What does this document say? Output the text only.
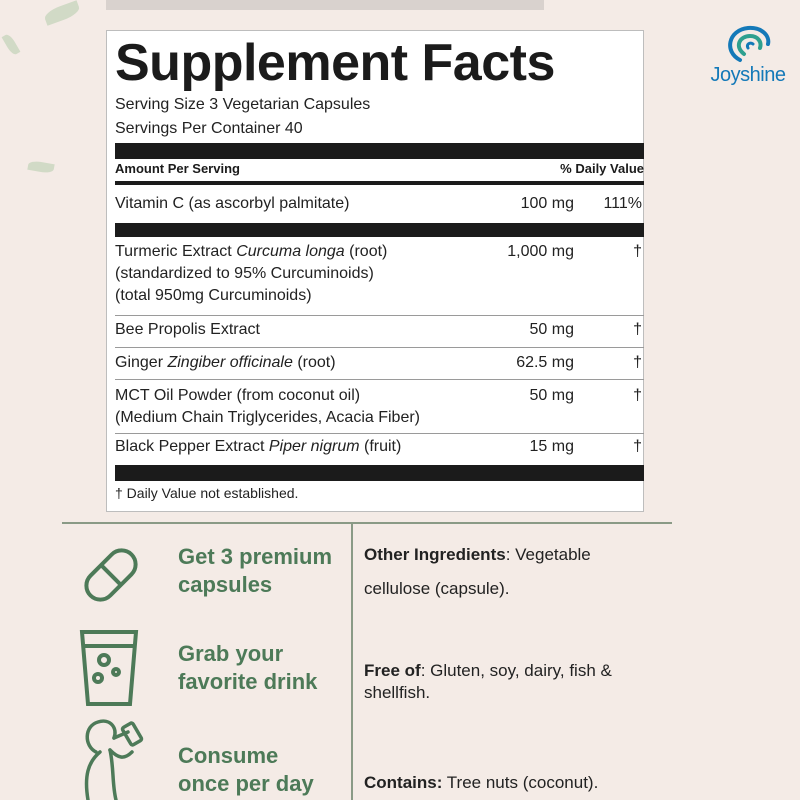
Joyshine
Supplement Facts
Serving Size 3 Vegetarian Capsules
Servings Per Container 40
Amount Per Serving	% Daily Value
Vitamin C (as ascorbyl palmitate)	100 mg 111%
Turmeric Extract Curcuma longa (root)	1,000 mg	†
(standardized to 95% Curcuminoids)
(total 950mg Curcuminoids)
Bee Propolis Extract	50 mg	†
Ginger Zingiber officinale (root)	62.5 mg	†
MCT Oil Powder (from coconut oil)	50 mg	†
(Medium Chain Triglycerides, Acacia Fiber)
Black Pepper Extract Piper nigrum (fruit)	15 mg	†
† Daily Value not established.
Get 3 premium
capsules
Grab your
favorite drink
Consume
once per day
Other Ingredients: Vegetable
cellulose (capsule).
Free of: Gluten, soy, dairy, fish &
shellfish.
Contains: Tree nuts (coconut).
